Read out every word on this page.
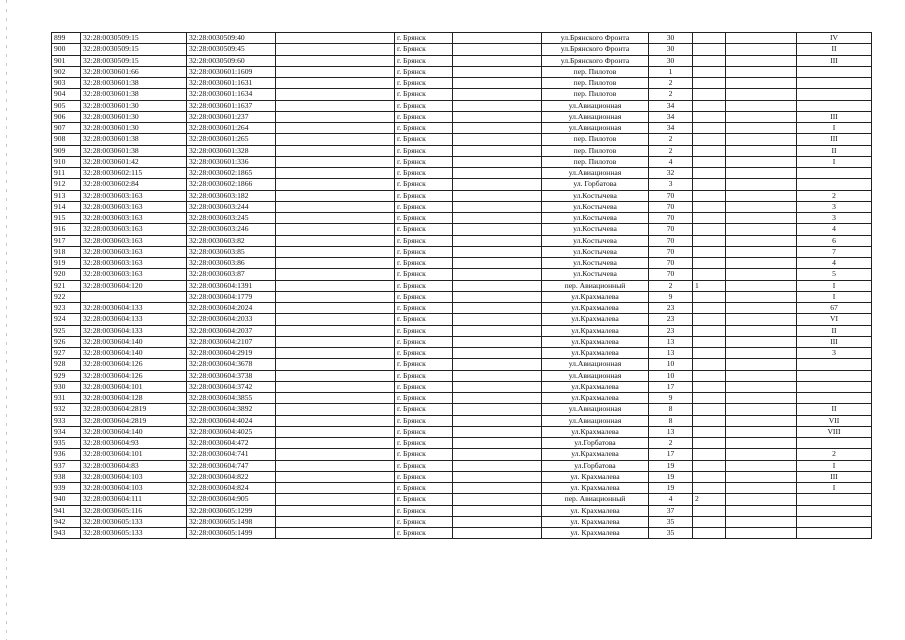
899	32:28:0030509:15	32:28:0030509:40		г. Брянск		ул.Брянского Фронта	30			IV
900	32:28:0030509:15	32:28:0030509:45		г. Брянск		ул.Брянского Фронта	30			II
901	32:28:0030509:15	32:28:0030509:60		г. Брянск		ул.Брянского Фронта	30			III
902	32:28:0030601:66	32:28:0030601:1609		г. Брянск		пер. Пилотов	1			
903	32:28:0030601:38	32:28:0030601:1631		г. Брянск		пер. Пилотов	2			
904	32:28:0030601:38	32:28:0030601:1634		г. Брянск		пер. Пилотов	2			
905	32:28:0030601:30	32:28:0030601:1637		г. Брянск		ул.Авиационная	34			
906	32:28:0030601:30	32:28:0030601:237		г. Брянск		ул.Авиационная	34			III
907	32:28:0030601:30	32:28:0030601:264		г. Брянск		ул.Авиационная	34			I
908	32:28:0030601:38	32:28:0030601:265		г. Брянск		пер. Пилотов	2			III
909	32:28:0030601:38	32:28:0030601:328		г. Брянск		пер. Пилотов	2			II
910	32:28:0030601:42	32:28:0030601:336		г. Брянск		пер. Пилотов	4			I
911	32:28:0030602:115	32:28:0030602:1865		г. Брянск		ул.Авиационная	32			
912	32:28:0030602:84	32:28:0030602:1866		г. Брянск		ул. Горбатова	3			
913	32:28:0030603:163	32:28:0030603:182		г. Брянск		ул.Костычева	70			2
914	32:28:0030603:163	32:28:0030603:244		г. Брянск		ул.Костычева	70			3
915	32:28:0030603:163	32:28:0030603:245		г. Брянск		ул.Костычева	70			3
916	32:28:0030603:163	32:28:0030603:246		г. Брянск		ул.Костычева	70			4
917	32:28:0030603:163	32:28:0030603:82		г. Брянск		ул.Костычева	70			6
918	32:28:0030603:163	32:28:0030603:85		г. Брянск		ул.Костычева	70			7
919	32:28:0030603:163	32:28:0030603:86		г. Брянск		ул.Костычева	70			4
920	32:28:0030603:163	32:28:0030603:87		г. Брянск		ул.Костычева	70			5
921	32:28:0030604:120	32:28:0030604:1391		г. Брянск		пер. Авиационный	2	1		I
922		32:28:0030604:1779		г. Брянск		ул.Крахмалева	9			I
923	32:28:0030604:133	32:28:0030604:2024		г. Брянск		ул.Крахмалева	23			67
924	32:28:0030604:133	32:28:0030604:2033		г. Брянск		ул.Крахмалева	23			VI
925	32:28:0030604:133	32:28:0030604:2037		г. Брянск		ул.Крахмалева	23			II
926	32:28:0030604:140	32:28:0030604:2107		г. Брянск		ул.Крахмалева	13			III
927	32:28:0030604:140	32:28:0030604:2919		г. Брянск		ул.Крахмалева	13			3
928	32:28:0030604:126	32:28:0030604:3678		г. Брянск		ул.Авиационная	10			
929	32:28:0030604:126	32:28:0030604:3738		г. Брянск		ул.Авиационная	10			
930	32:28:0030604:101	32:28:0030604:3742		г. Брянск		ул.Крахмалева	17			
931	32:28:0030604:128	32:28:0030604:3855		г. Брянск		ул.Крахмалева	9			
932	32:28:0030604:2819	32:28:0030604:3892		г. Брянск		ул.Авиационная	8			II
933	32:28:0030604:2819	32:28:0030604:4024		г. Брянск		ул.Авиационная	8			VII
934	32:28:0030604:140	32:28:0030604:4025		г. Брянск		ул.Крахмалева	13			VIII
935	32:28:0030604:93	32:28:0030604:472		г. Брянск		ул.Горбатова	2			
936	32:28:0030604:101	32:28:0030604:741		г. Брянск		ул.Крахмалева	17			2
937	32:28:0030604:83	32:28:0030604:747		г. Брянск		ул.Горбатова	19			I
938	32:28:0030604:103	32:28:0030604:822		г. Брянск		ул. Крахмалева	19			III
939	32:28:0030604:103	32:28:0030604:824		г. Брянск		ул. Крахмалева	19			I
940	32:28:0030604:111	32:28:0030604:905		г. Брянск		пер. Авиационный	4	2		
941	32:28:0030605:116	32:28:0030605:1299		г. Брянск		ул. Крахмалева	37			
942	32:28:0030605:133	32:28:0030605:1498		г. Брянск		ул. Крахмалева	35			
943	32:28:0030605:133	32:28:0030605:1499		г. Брянск		ул. Крахмалева	35			
